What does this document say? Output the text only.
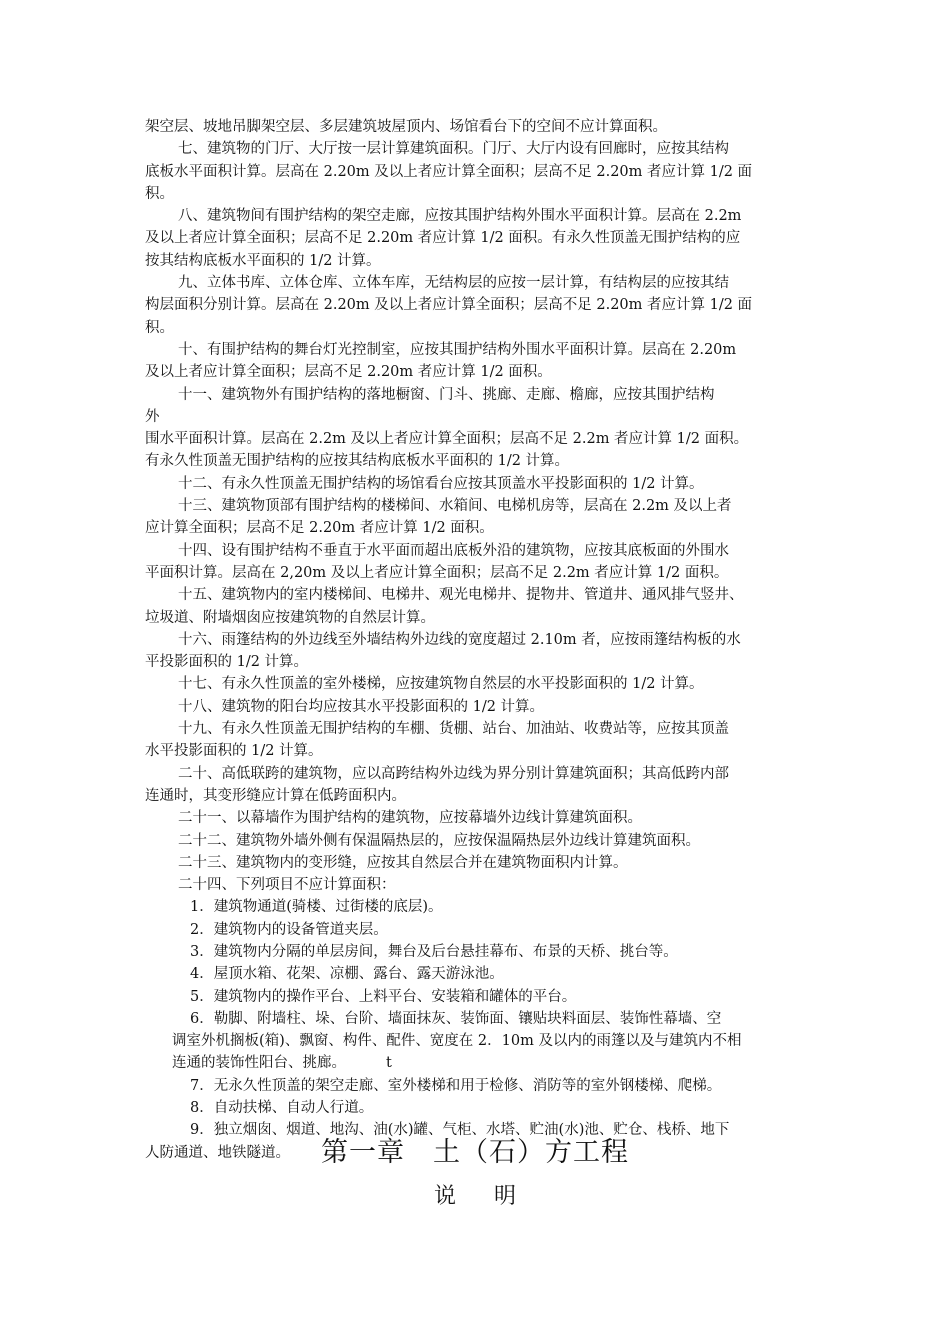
架空层、坡地吊脚架空层、多层建筑坡屋顶内、场馆看台下的空间不应计算面积。
七、建筑物的门厅、大厅按一层计算建筑面积。门厅、大厅内设有回廊时，应按其结构
底板水平面积计算。层高在 2.20m 及以上者应计算全面积；层高不足 2.20m 者应计算 1/2 面
积。
八、建筑物间有围护结构的架空走廊，应按其围护结构外围水平面积计算。层高在 2.2m
及以上者应计算全面积；层高不足 2.20m 者应计算 1/2 面积。有永久性顶盖无围护结构的应
按其结构底板水平面积的 1/2 计算。
九、立体书库、立体仓库、立体车库，无结构层的应按一层计算，有结构层的应按其结
构层面积分别计算。层高在 2.20m 及以上者应计算全面积；层高不足 2.20m 者应计算 1/2 面
积。
十、有围护结构的舞台灯光控制室，应按其围护结构外围水平面积计算。层高在 2.20m
及以上者应计算全面积；层高不足 2.20m 者应计算 1/2 面积。
十一、建筑物外有围护结构的落地橱窗、门斗、挑廊、走廊、檐廊，应按其围护结构
外
围水平面积计算。层高在 2.2m 及以上者应计算全面积；层高不足 2.2m 者应计算 1/2 面积。
有永久性顶盖无围护结构的应按其结构底板水平面积的 1/2 计算。
十二、有永久性顶盖无围护结构的场馆看台应按其顶盖水平投影面积的 1/2 计算。
十三、建筑物顶部有围护结构的楼梯间、水箱间、电梯机房等，层高在 2.2m 及以上者
应计算全面积；层高不足 2.20m 者应计算 1/2 面积。
十四、设有围护结构不垂直于水平面而超出底板外沿的建筑物，应按其底板面的外围水
平面积计算。层高在 2,20m 及以上者应计算全面积；层高不足 2.2m 者应计算 1/2 面积。
十五、建筑物内的室内楼梯间、电梯井、观光电梯井、提物井、管道井、通风排气竖井、
垃圾道、附墙烟囱应按建筑物的自然层计算。
十六、雨篷结构的外边线至外墙结构外边线的宽度超过 2.10m 者，应按雨篷结构板的水
平投影面积的 1/2 计算。
十七、有永久性顶盖的室外楼梯，应按建筑物自然层的水平投影面积的 1/2 计算。
十八、建筑物的阳台均应按其水平投影面积的 1/2 计算。
十九、有永久性顶盖无围护结构的车棚、货棚、站台、加油站、收费站等，应按其顶盖
水平投影面积的 1/2 计算。
二十、高低联跨的建筑物，应以高跨结构外边线为界分别计算建筑面积；其高低跨内部
连通时，其变形缝应计算在低跨面积内。
二十一、以幕墙作为围护结构的建筑物，应按幕墙外边线计算建筑面积。
二十二、建筑物外墙外侧有保温隔热层的，应按保温隔热层外边线计算建筑面积。
二十三、建筑物内的变形缝，应按其自然层合并在建筑物面积内计算。
二十四、下列项目不应计算面积：
1．建筑物通道(骑楼、过街楼的底层)。
2．建筑物内的设备管道夹层。
3．建筑物内分隔的单层房间，舞台及后台悬挂幕布、布景的天桥、挑台等。
4．屋顶水箱、花架、凉棚、露台、露天游泳池。
5．建筑物内的操作平台、上料平台、安装箱和罐体的平台。
6．勒脚、附墙柱、垛、台阶、墙面抹灰、装饰面、镶贴块料面层、装饰性幕墙、空
调室外机搁板(箱)、飘窗、构件、配件、宽度在 2．10m 及以内的雨篷以及与建筑内不相
连通的装饰性阳台、挑廊。	t
7．无永久性顶盖的架空走廊、室外楼梯和用于检修、消防等的室外钢楼梯、爬梯。
8．自动扶梯、自动人行道。
9．独立烟囱、烟道、地沟、油(水)罐、气柜、水塔、贮油(水)池、贮仓、栈桥、地下
人防通道、地铁隧道。	第一章　土（石）方工程
说明
